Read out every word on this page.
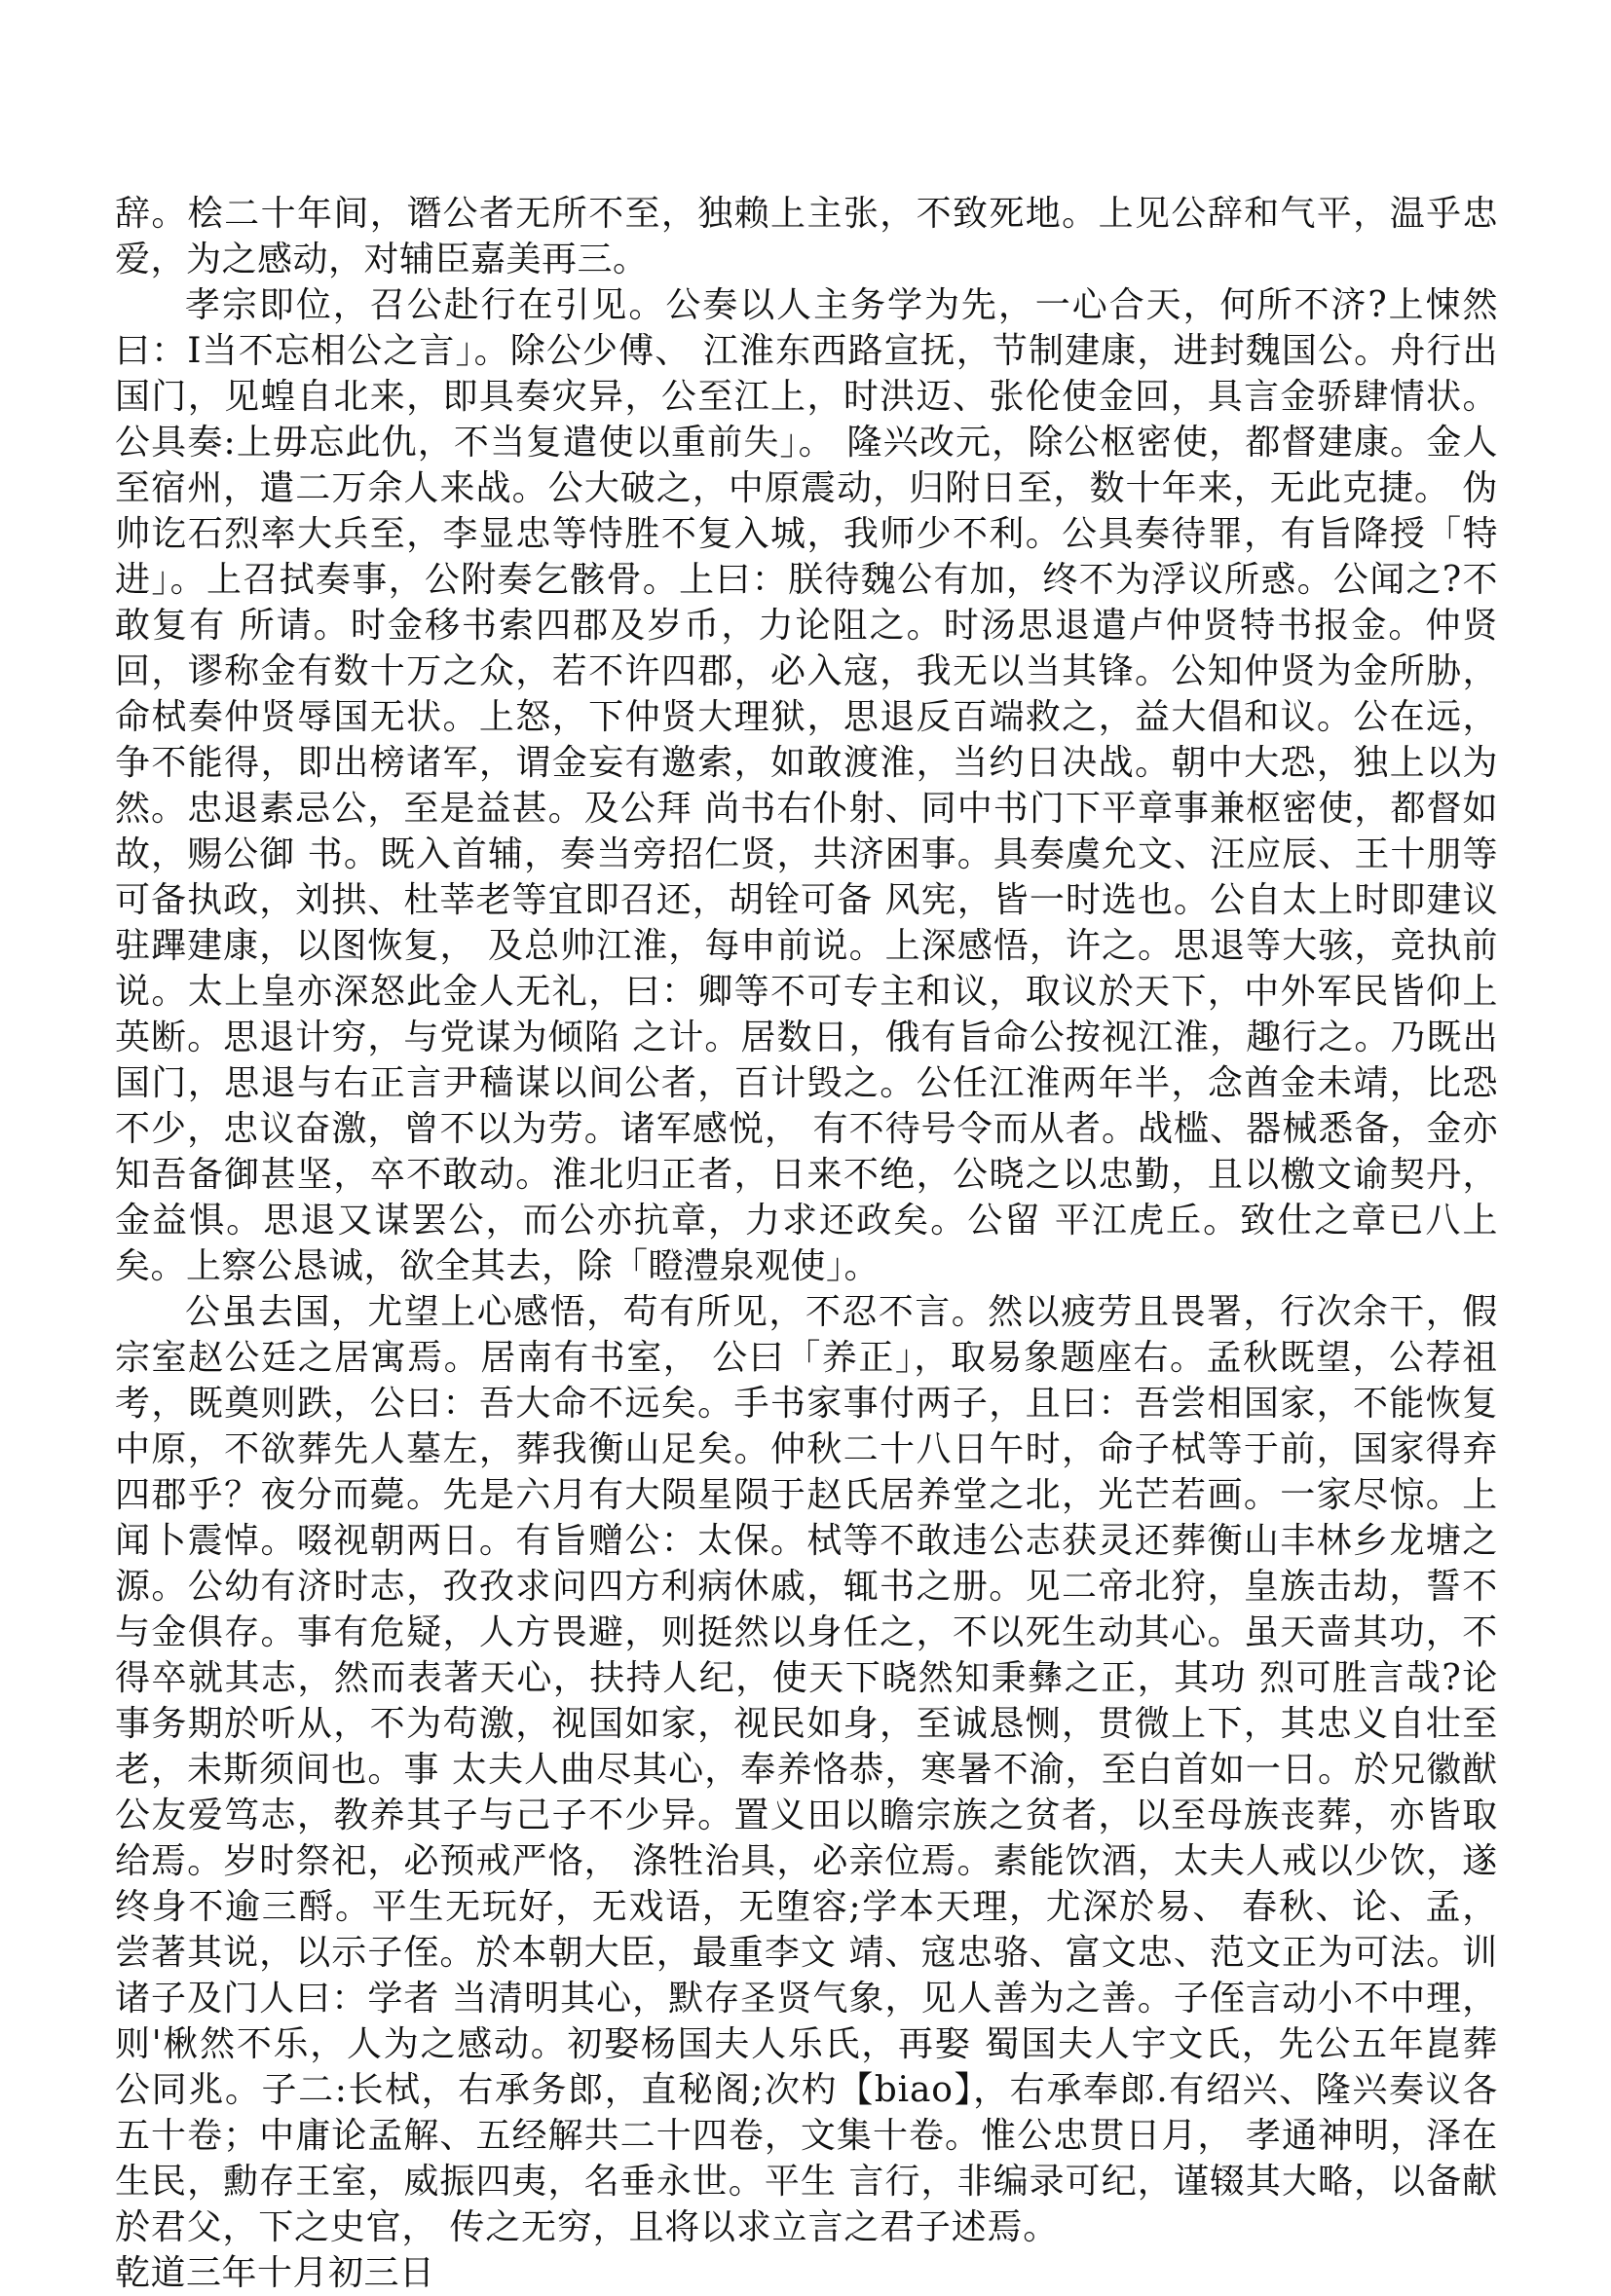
辞。桧二十年间，谮公者无所不至，独赖上主张，不致死地。上见公辞和气平，温乎忠爱，为之感动，对辅臣嘉美再三。

孝宗即位，召公赴行在引见。公奏以人主务学为先，一心合天，何所不济?上悚然曰：I当不忘相公之言」。除公少傅、 江淮东西路宣抚，节制建康，进封魏国公。舟行出国门，见蝗自北来，即具奏灾异，公至江上，时洪迈、张伦使金回，具言金骄肆情状。公具奏:上毋忘此仇，不当复遣使以重前失」。 隆兴改元，除公枢密使，都督建康。金人至宿州，遣二万余人来战。公大破之，中原震动，归附日至，数十年来，无此克捷。 伪帅讫石烈率大兵至，李显忠等恃胜不复入城，我师少不利。公具奏待罪，有旨降授「特进」。上召拭奏事，公附奏乞骸骨。上曰：朕待魏公有加，终不为浮议所惑。公闻之?不敢复有 所请。时金移书索四郡及岁币，力论阻之。时汤思退遣卢仲贤特书报金。仲贤回，谬称金有数十万之众，若不许四郡，必入寇，我无以当其锋。公知仲贤为金所胁，命栻奏仲贤辱国无状。上怒，下仲贤大理狱，思退反百端救之，益大倡和议。公在远，争不能得，即出榜诸军，谓金妄有邀索，如敢渡淮，当约日决战。朝中大恐，独上以为然。忠退素忌公，至是益甚。及公拜 尚书右仆射、同中书门下平章事兼枢密使，都督如故，赐公御 书。既入首辅，奏当旁招仁贤，共济困事。具奏虞允文、汪应辰、王十朋等可备执政，刘拱、杜莘老等宜即召还，胡铨可备 风宪，皆一时选也。公自太上时即建议驻蹕建康，以图恢复， 及总帅江淮，每申前说。上深感悟，许之。思退等大骇，竞执前说。太上皇亦深怒此金人无礼，曰：卿等不可专主和议，取议於天下，中外军民皆仰上英断。思退计穷，与党谋为倾陷 之计。居数日，俄有旨命公按视江淮，趣行之。乃既出国门，思退与右正言尹穑谋以间公者，百计毁之。公任江淮两年半，念酋金未靖，比恐不少，忠议奋激，曾不以为劳。诸军感悦， 有不待号令而从者。战槛、器械悉备，金亦知吾备御甚坚，卒不敢动。淮北归正者，日来不绝，公晓之以忠勤，且以檄文谕契丹，金益惧。思退又谋罢公，而公亦抗章，力求还政矣。公留 平江虎丘。致仕之章已八上矣。上察公恳诚，欲全其去，除「瞪澧泉观使」。

公虽去国，尤望上心感悟，苟有所见，不忍不言。然以疲劳且畏署，行次余干，假宗室赵公廷之居寓焉。居南有书室， 公曰「养正」，取易象题座右。孟秋既望，公荐祖考，既奠则跌，公曰：吾大命不远矣。手书家事付两子，且曰：吾尝相国家，不能恢复中原，不欲葬先人墓左，葬我衡山足矣。仲秋二十八日午时，命子栻等于前，国家得弃四郡乎？夜分而薨。先是六月有大陨星陨于赵氏居养堂之北，光芒若画。一家尽惊。上闻卜震悼。啜视朝两日。有旨赠公：太保。栻等不敢违公志获灵还葬衡山丰林乡龙塘之源。公幼有济时志，孜孜求问四方利病休戚，辄书之册。见二帝北狩，皇族击劫，誓不与金俱存。事有危疑，人方畏避，则挺然以身任之，不以死生动其心。虽天啬其功，不得卒就其志，然而表著天心，扶持人纪，使天下晓然知秉彝之正，其功 烈可胜言哉?论事务期於听从，不为苟激，视国如家，视民如身，至诚恳恻，贯微上下，其忠义自壮至老，未斯须间也。事 太夫人曲尽其心，奉养恪恭，寒暑不渝，至白首如一日。於兄徽猷公友爱笃志，教养其子与己子不少异。置义田以瞻宗族之贫者，以至母族丧葬，亦皆取给焉。岁时祭祀，必预戒严恪， 涤牲治具，必亲位焉。素能饮酒，太夫人戒以少饮，遂终身不逾三酹。平生无玩好，无戏语，无堕容;学本天理，尤深於易、 春秋、论、孟，尝著其说，以示子侄。於本朝大臣，最重李文 靖、寇忠骆、富文忠、范文正为可法。训诸子及门人曰：学者 当清明其心，默存圣贤气象，见人善为之善。子侄言动小不中理，则'楸然不乐，人为之感动。初娶杨国夫人乐氏，再娶 蜀国夫人宇文氏，先公五年崑葬公同兆。子二:长栻，右承务郎，直秘阁;次杓【biao】，右承奉郎.有绍兴、隆兴奏议各五十卷；中庸论孟解、五经解共二十四卷，文集十卷。惟公忠贯日月， 孝通神明，泽在生民，勳存王室，威振四夷，名垂永世。平生 言行，非编录可纪，谨辍其大略，以备献於君父，下之史官， 传之无穷，且将以求立言之君子述焉。

乾道三年十月初三日
